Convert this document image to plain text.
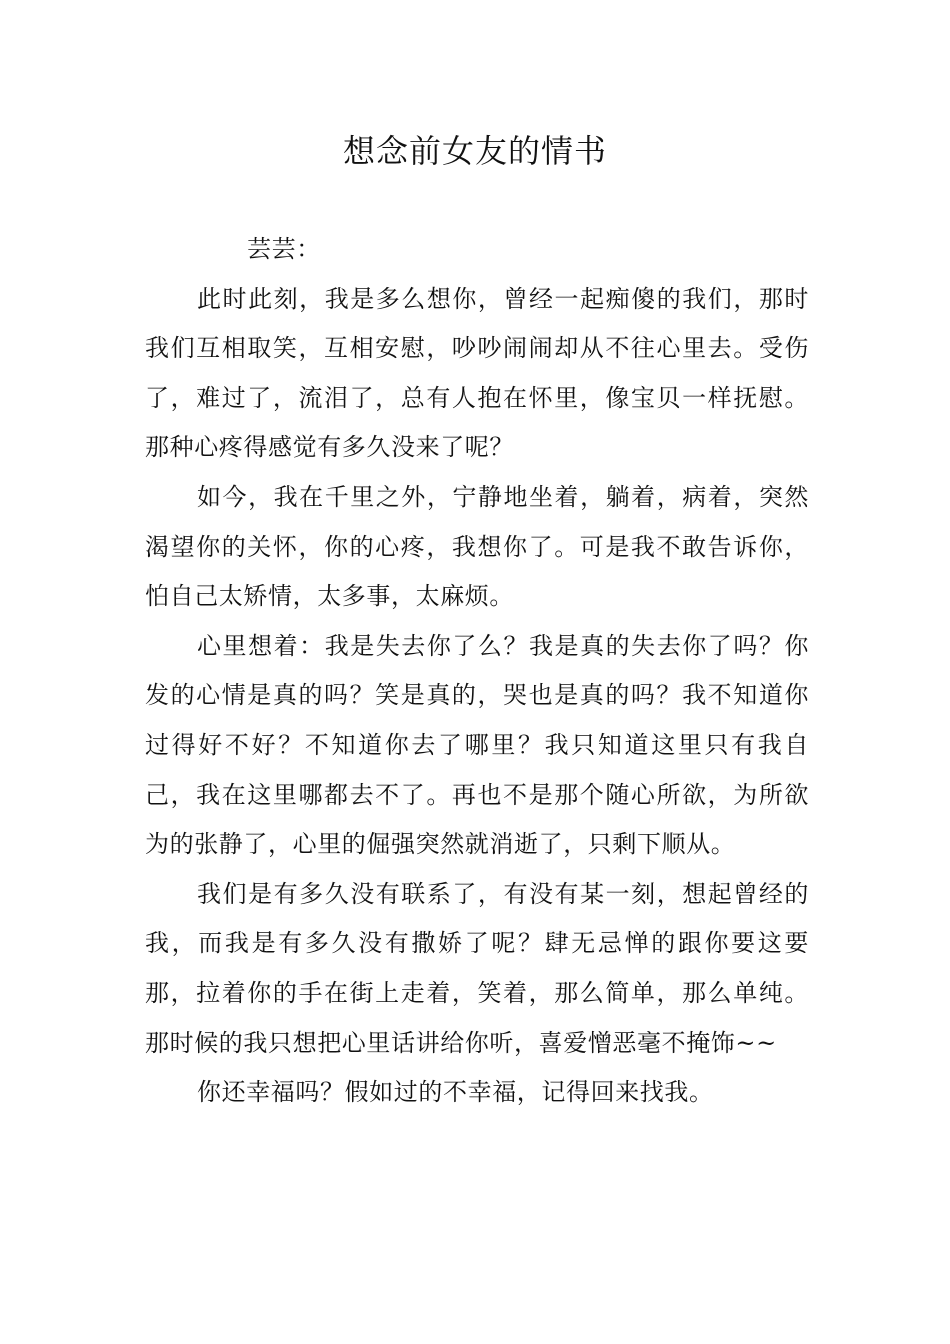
想念前女友的情书

芸芸：

此时此刻，我是多么想你，曾经一起痴傻的我们，那时我们互相取笑，互相安慰，吵吵闹闹却从不往心里去。受伤了，难过了，流泪了，总有人抱在怀里，像宝贝一样抚慰。那种心疼得感觉有多久没来了呢？

如今，我在千里之外，宁静地坐着，躺着，病着，突然渴望你的关怀，你的心疼，我想你了。可是我不敢告诉你，怕自己太矫情，太多事，太麻烦。

心里想着：我是失去你了么？我是真的失去你了吗？你发的心情是真的吗？笑是真的，哭也是真的吗？我不知道你过得好不好？不知道你去了哪里？我只知道这里只有我自己，我在这里哪都去不了。再也不是那个随心所欲，为所欲为的张静了，心里的倔强突然就消逝了，只剩下顺从。

我们是有多久没有联系了，有没有某一刻，想起曾经的我，而我是有多久没有撒娇了呢？肆无忌惮的跟你要这要那，拉着你的手在街上走着，笑着，那么简单，那么单纯。那时候的我只想把心里话讲给你听，喜爱憎恶毫不掩饰~~

你还幸福吗？假如过的不幸福，记得回来找我。
